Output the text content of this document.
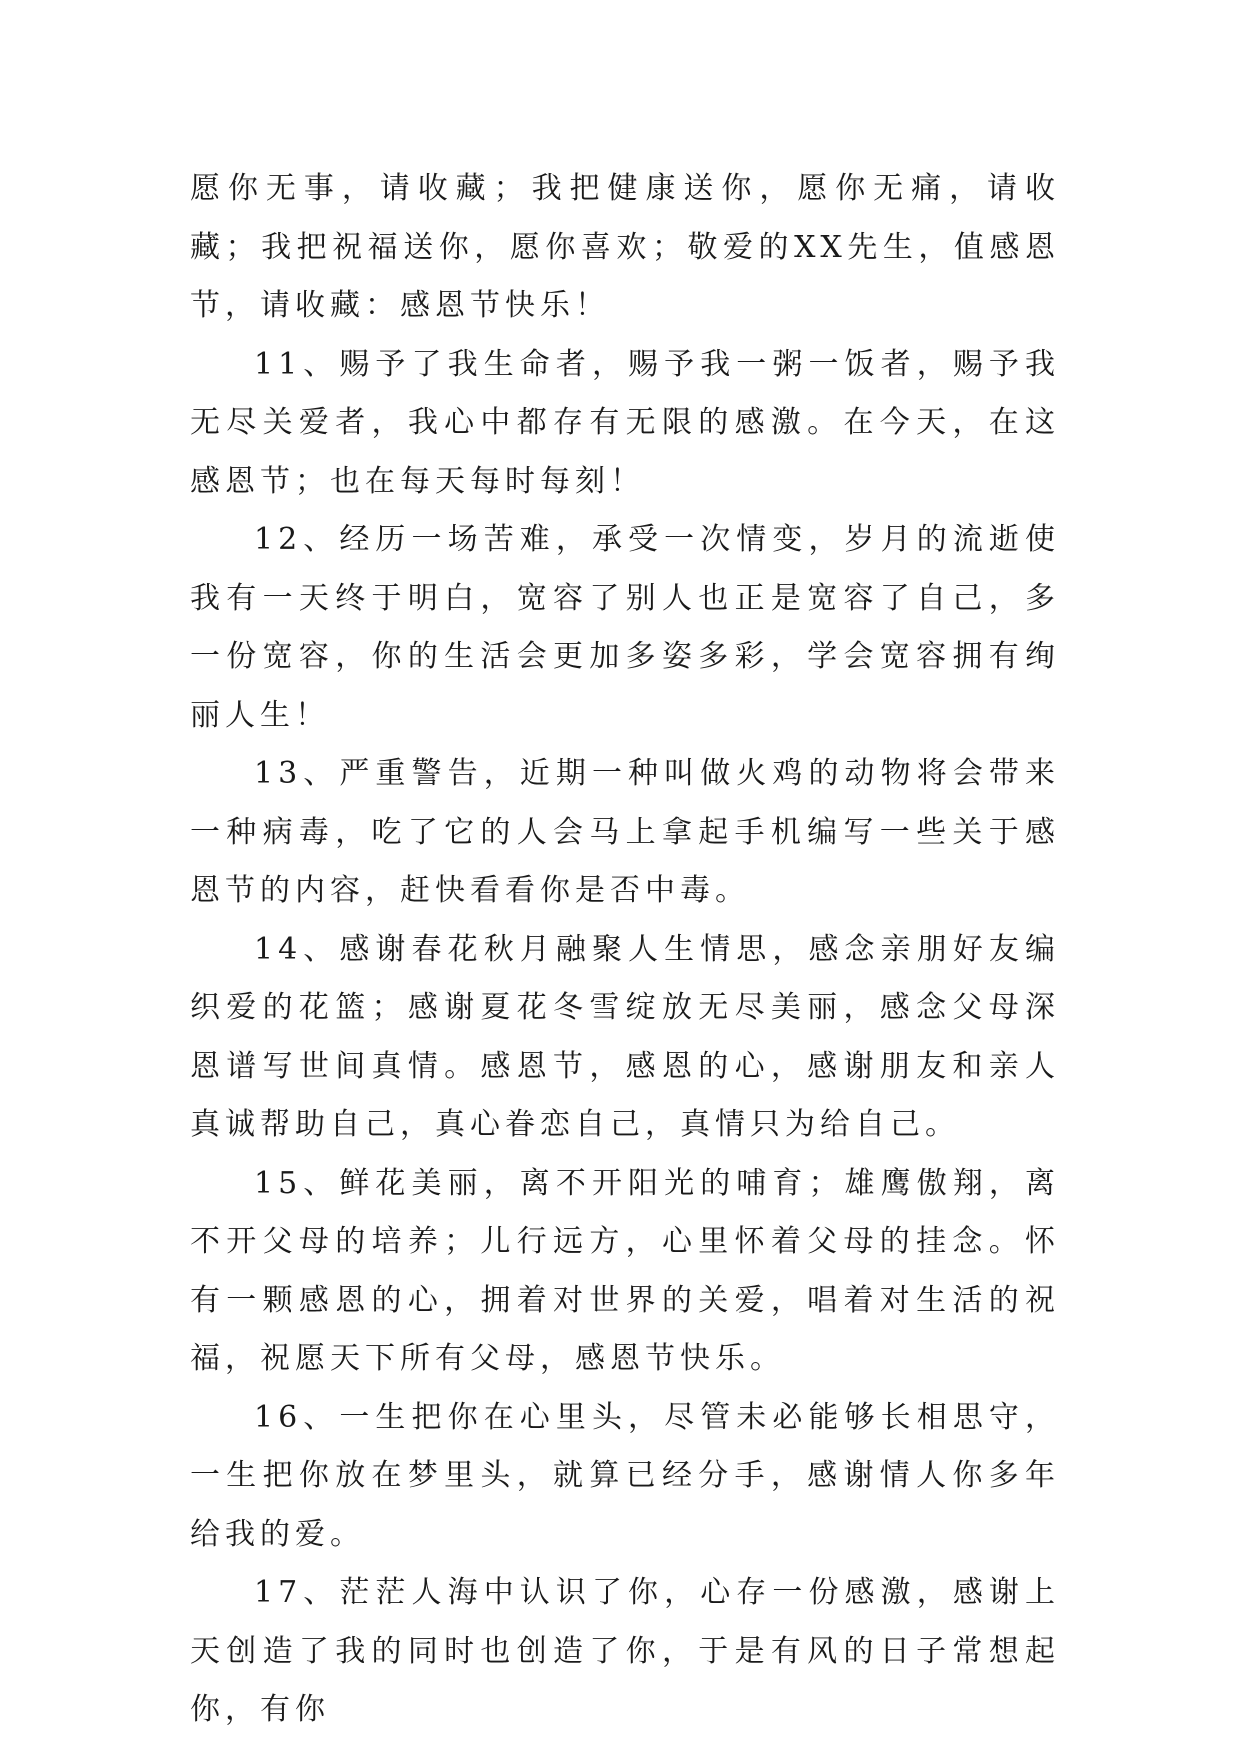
愿你无事，请收藏；我把健康送你，愿你无痛，请收藏；我把祝福送你，愿你喜欢；敬爱的XX先生，值感恩节，请收藏：感恩节快乐！

11、赐予了我生命者，赐予我一粥一饭者，赐予我无尽关爱者，我心中都存有无限的感激。在今天，在这感恩节；也在每天每时每刻！

12、经历一场苦难，承受一次情变，岁月的流逝使我有一天终于明白，宽容了别人也正是宽容了自己，多一份宽容，你的生活会更加多姿多彩，学会宽容拥有绚丽人生！

13、严重警告，近期一种叫做火鸡的动物将会带来一种病毒，吃了它的人会马上拿起手机编写一些关于感恩节的内容，赶快看看你是否中毒。

14、感谢春花秋月融聚人生情思，感念亲朋好友编织爱的花篮；感谢夏花冬雪绽放无尽美丽，感念父母深恩谱写世间真情。感恩节，感恩的心，感谢朋友和亲人真诚帮助自己，真心眷恋自己，真情只为给自己。

15、鲜花美丽，离不开阳光的哺育；雄鹰傲翔，离不开父母的培养；儿行远方，心里怀着父母的挂念。怀有一颗感恩的心，拥着对世界的关爱，唱着对生活的祝福，祝愿天下所有父母，感恩节快乐。

16、一生把你在心里头，尽管未必能够长相思守，一生把你放在梦里头，就算已经分手，感谢情人你多年给我的爱。

17、茫茫人海中认识了你，心存一份感激，感谢上天创造了我的同时也创造了你，于是有风的日子常想起你，有你
